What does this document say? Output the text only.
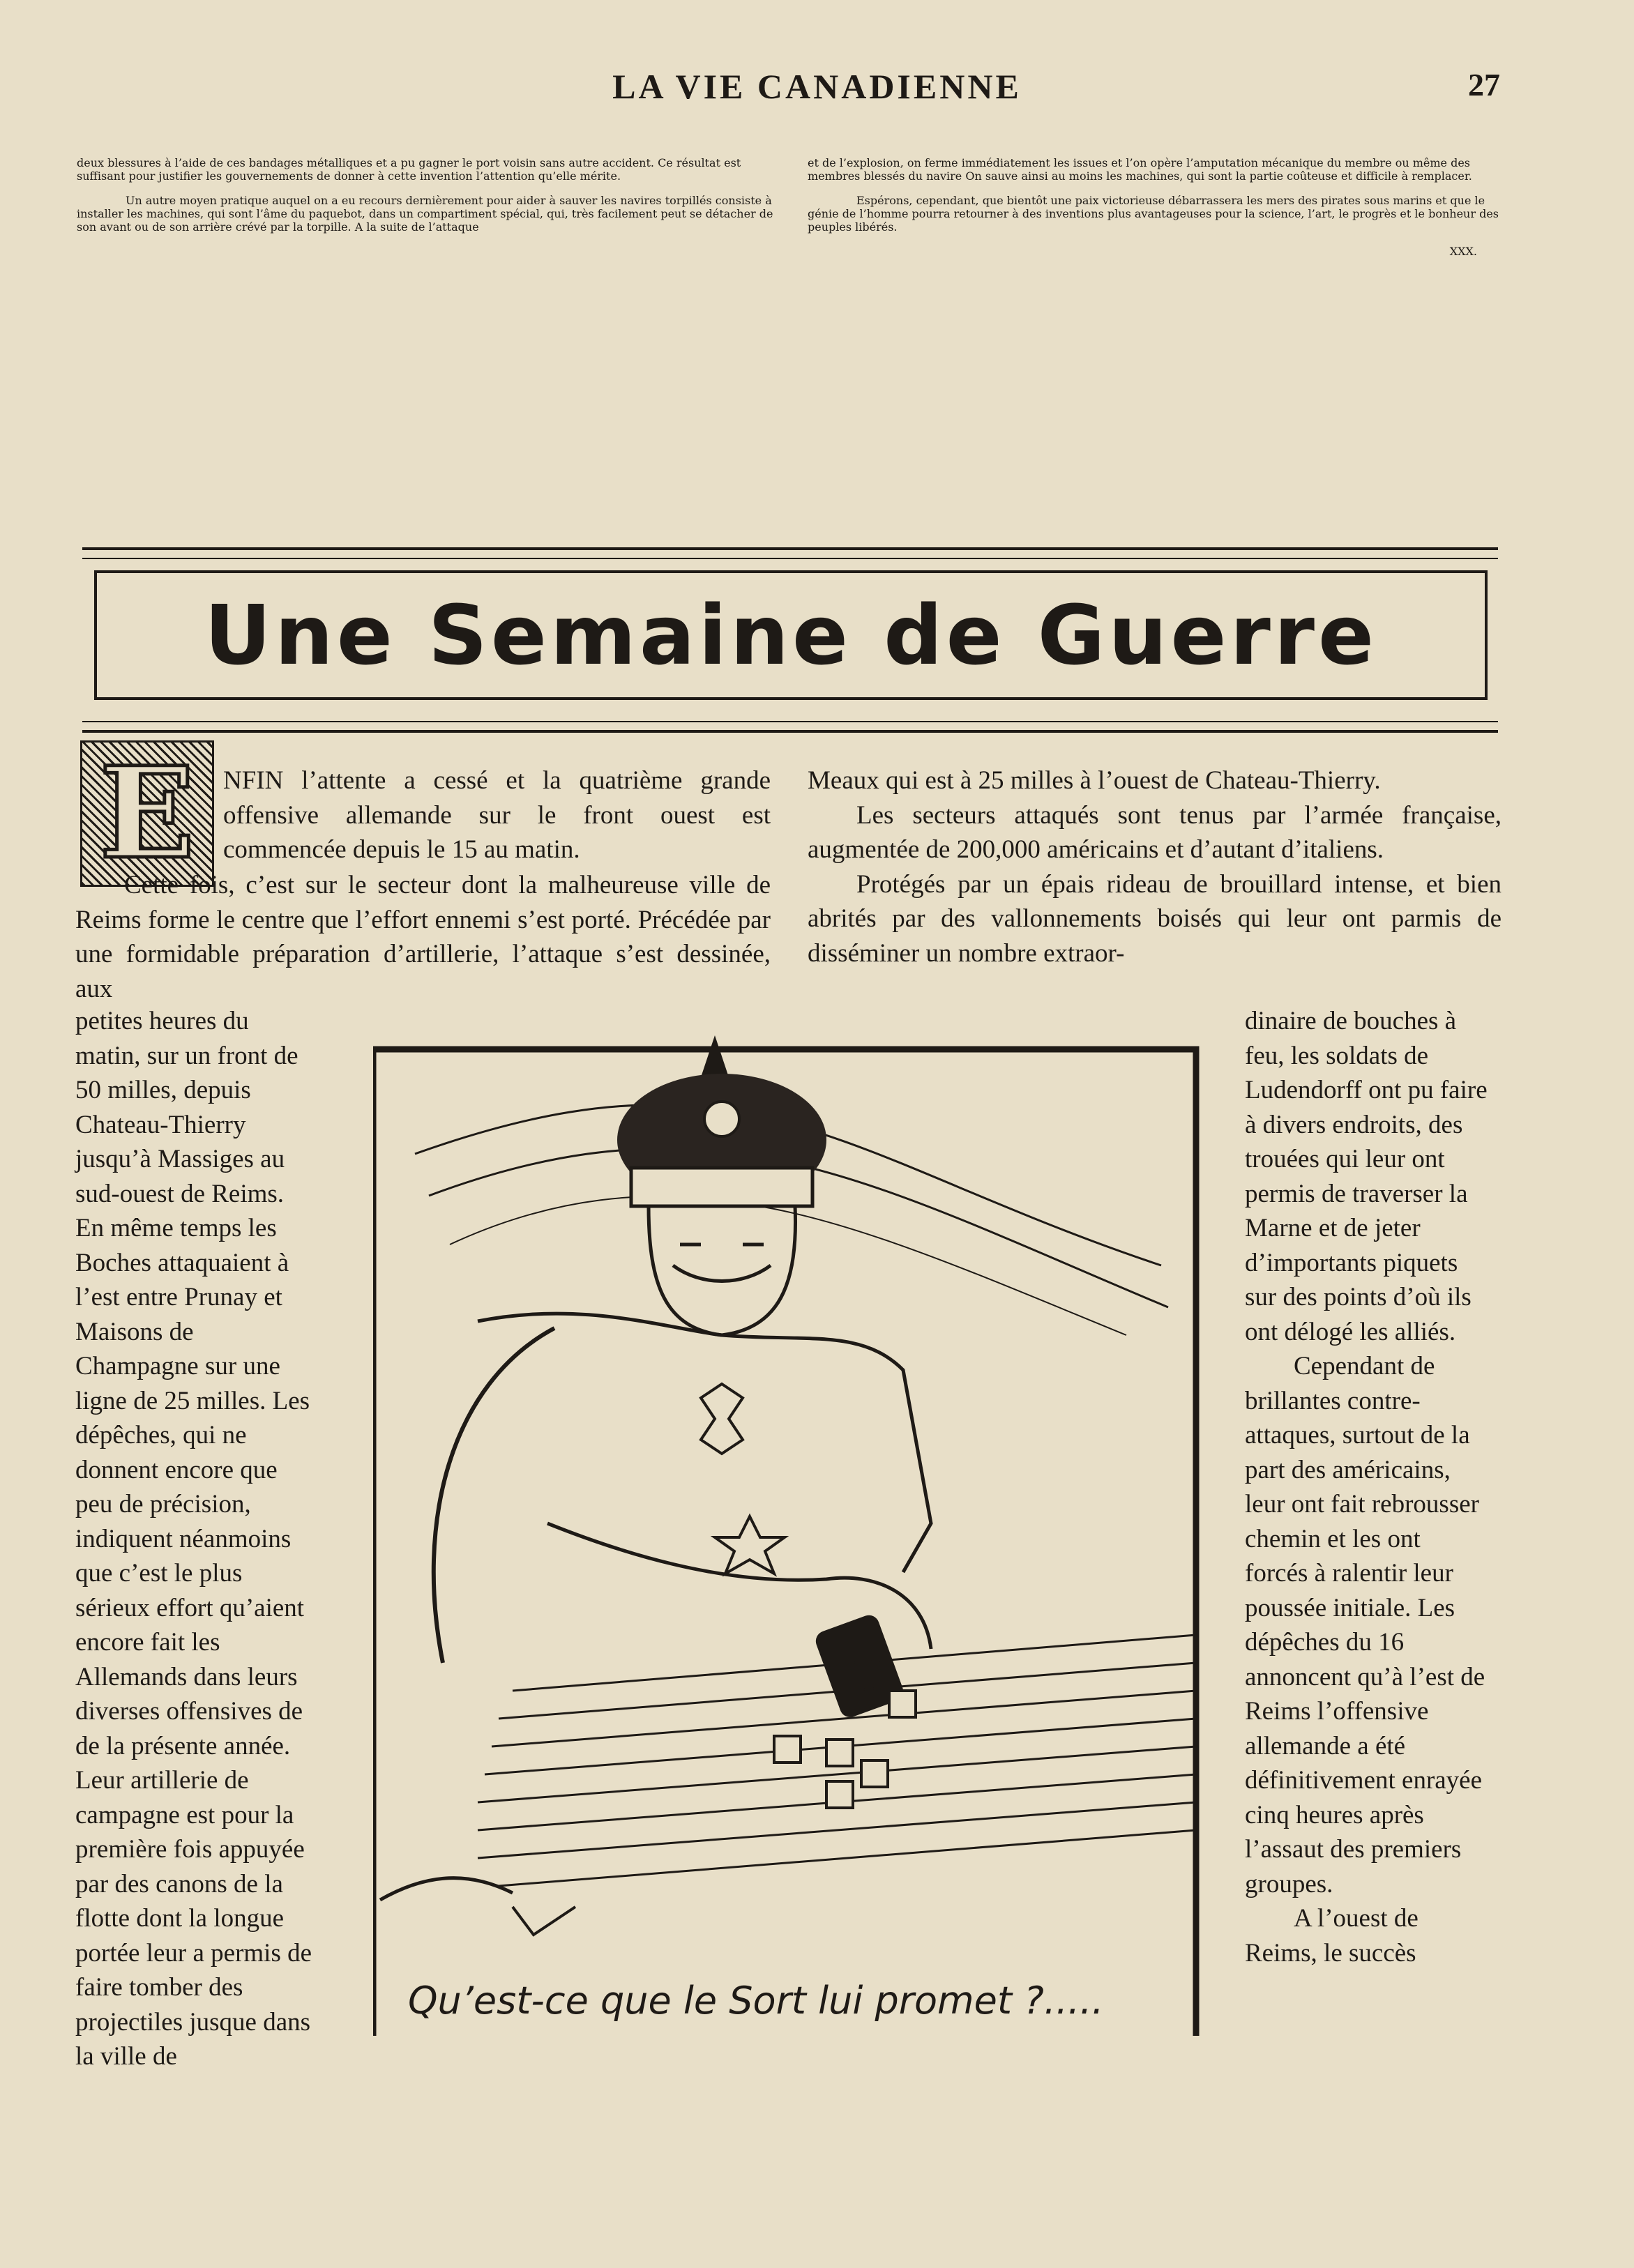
LA VIE CANADIENNE	27

deux blessures à l’aide de ces bandages métalliques et a pu gagner le port voisin sans autre accident. Ce résultat est suffisant pour justifier les gouvernements de donner à cette invention l’attention qu’elle mérite.

Un autre moyen pratique auquel on a eu recours dernièrement pour aider à sauver les navires torpillés consiste à installer les machines, qui sont l’âme du paquebot, dans un compartiment spécial, qui, très facilement peut se détacher de son avant ou de son arrière crévé par la torpille. A la suite de l’attaque

et de l’explosion, on ferme immédiatement les issues et l’on opère l’amputation mécanique du membre ou même des membres blessés du navire On sauve ainsi au moins les machines, qui sont la partie coûteuse et difficile à remplacer.

Espérons, cependant, que bientôt une paix victorieuse débarrassera les mers des pirates sous marins et que le génie de l’homme pourra retourner à des inventions plus avantageuses pour la science, l’art, le progrès et le bonheur des peuples libérés.

XXX.

Une Semaine de Guerre
E NFIN l’attente a cessé et la quatrième grande offensive allemande sur le front ouest est commencée depuis le 15 au matin.

Cette fois, c’est sur le secteur dont la malheureuse ville de Reims forme le centre que l’effort ennemi s’est porté. Précédée par une formidable préparation d’artillerie, l’attaque s’est dessinée, aux

petites heures du matin, sur un front de 50 milles, depuis Chateau-Thierry jusqu’à Massiges au sud-ouest de Reims. En même temps les Boches attaquaient à l’est entre Prunay et Maisons de Champagne sur une ligne de 25 milles. Les dépêches, qui ne donnent encore que peu de précision, indiquent néanmoins que c’est le plus sérieux effort qu’aient encore fait les Allemands dans leurs diverses offensives de de la présente année. Leur artillerie de campagne est pour la première fois appuyée par des canons de la flotte dont la longue portée leur a permis de faire tomber des projectiles jusque dans la ville de

Meaux qui est à 25 milles à l’ouest de Chateau-Thierry.

Les secteurs attaqués sont tenus par l’armée française, augmentée de 200,000 américains et d’autant d’italiens.

Protégés par un épais rideau de brouillard intense, et bien abrités par des vallonnements boisés qui leur ont parmis de disséminer un nombre extraor-

dinaire de bouches à feu, les soldats de Ludendorff ont pu faire à divers endroits, des trouées qui leur ont permis de traverser la Marne et de jeter d’importants piquets sur des points d’où ils ont délogé les alliés.

Cependant de brillantes contre-attaques, surtout de la part des américains, leur ont fait rebrousser chemin et les ont forcés à ralentir leur poussée initiale. Les dépêches du 16 annoncent qu’à l’est de Reims l’offensive allemande a été définitivement enrayée cinq heures après l’assaut des premiers groupes.

A l’ouest de Reims, le succès

Qu’est-ce que le Sort lui promet ?.....
